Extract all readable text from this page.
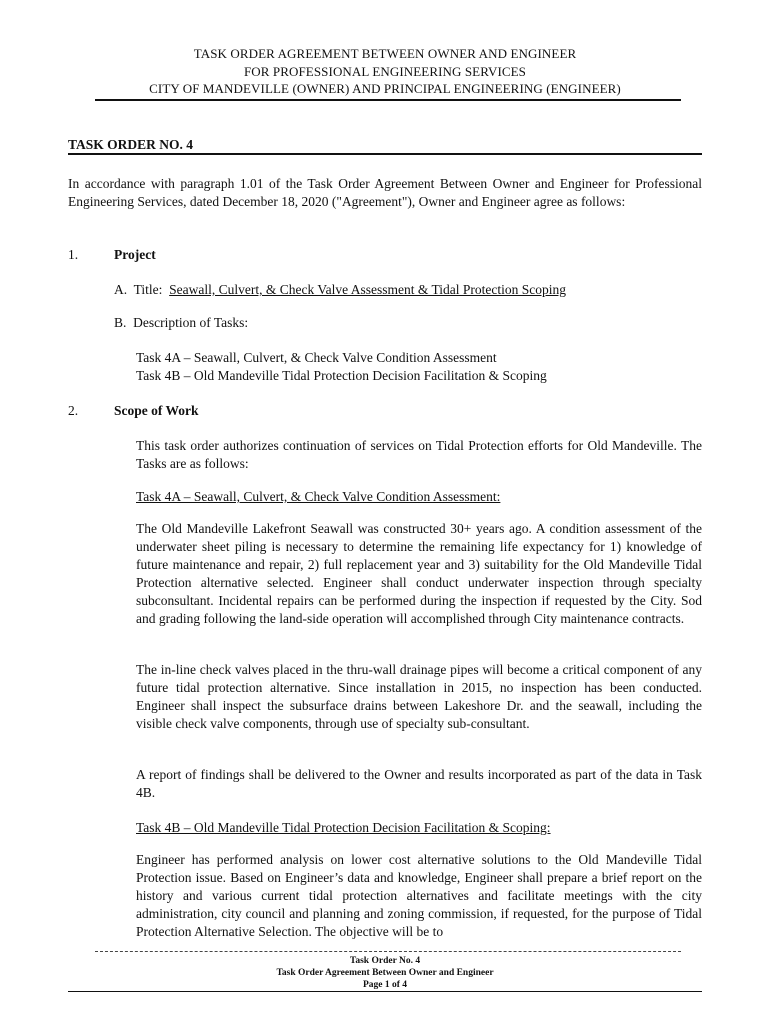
TASK ORDER AGREEMENT BETWEEN OWNER AND ENGINEER
FOR PROFESSIONAL ENGINEERING SERVICES
CITY OF MANDEVILLE (OWNER) AND PRINCIPAL ENGINEERING (ENGINEER)
TASK ORDER NO. 4
In accordance with paragraph 1.01 of the Task Order Agreement Between Owner and Engineer for Professional Engineering Services, dated December 18, 2020 ("Agreement"), Owner and Engineer agree as follows:
1.	Project
A.  Title:  Seawall, Culvert, & Check Valve Assessment & Tidal Protection Scoping
B.  Description of Tasks:
Task 4A – Seawall, Culvert, & Check Valve Condition Assessment
Task 4B – Old Mandeville Tidal Protection Decision Facilitation & Scoping
2.	Scope of Work
This task order authorizes continuation of services on Tidal Protection efforts for Old Mandeville. The Tasks are as follows:
Task 4A – Seawall, Culvert, & Check Valve Condition Assessment:
The Old Mandeville Lakefront Seawall was constructed 30+ years ago. A condition assessment of the underwater sheet piling is necessary to determine the remaining life expectancy for 1) knowledge of future maintenance and repair, 2) full replacement year and 3) suitability for the Old Mandeville Tidal Protection alternative selected. Engineer shall conduct underwater inspection through specialty subconsultant. Incidental repairs can be performed during the inspection if requested by the City. Sod and grading following the land-side operation will accomplished through City maintenance contracts.
The in-line check valves placed in the thru-wall drainage pipes will become a critical component of any future tidal protection alternative. Since installation in 2015, no inspection has been conducted. Engineer shall inspect the subsurface drains between Lakeshore Dr. and the seawall, including the visible check valve components, through use of specialty sub-consultant.
A report of findings shall be delivered to the Owner and results incorporated as part of the data in Task 4B.
Task 4B – Old Mandeville Tidal Protection Decision Facilitation & Scoping:
Engineer has performed analysis on lower cost alternative solutions to the Old Mandeville Tidal Protection issue. Based on Engineer’s data and knowledge, Engineer shall prepare a brief report on the history and various current tidal protection alternatives and facilitate meetings with the city administration, city council and planning and zoning commission, if requested, for the purpose of Tidal Protection Alternative Selection. The objective will be to
Task Order No. 4
Task Order Agreement Between Owner and Engineer
Page 1 of 4
